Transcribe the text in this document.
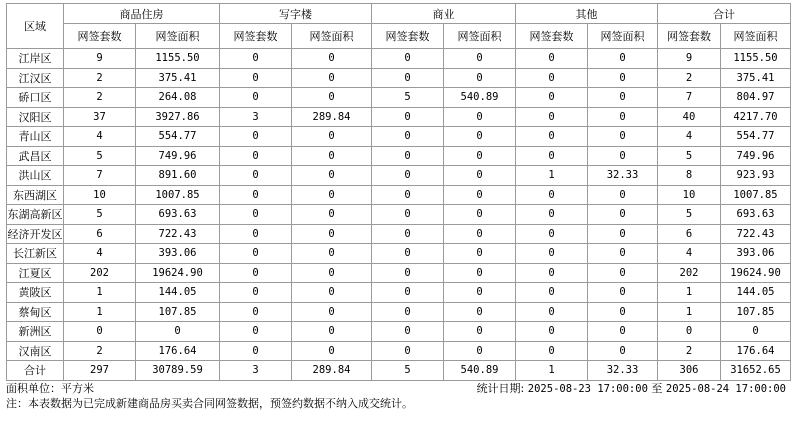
区域	商品住房		写字楼		商业		其他		合计	
	网签套数	网签面积	网签套数	网签面积	网签套数	网签面积	网签套数	网签面积	网签套数	网签面积
江岸区	9	1155.50	0	0	0	0	0	0	9	1155.50
江汉区	2	375.41	0	0	0	0	0	0	2	375.41
硚口区	2	264.08	0	0	5	540.89	0	0	7	804.97
汉阳区	37	3927.86	3	289.84	0	0	0	0	40	4217.70
青山区	4	554.77	0	0	0	0	0	0	4	554.77
武昌区	5	749.96	0	0	0	0	0	0	5	749.96
洪山区	7	891.60	0	0	0	0	1	32.33	8	923.93
东西湖区	10	1007.85	0	0	0	0	0	0	10	1007.85
东湖高新区	5	693.63	0	0	0	0	0	0	5	693.63
经济开发区	6	722.43	0	0	0	0	0	0	6	722.43
长江新区	4	393.06	0	0	0	0	0	0	4	393.06
江夏区	202	19624.90	0	0	0	0	0	0	202	19624.90
黄陂区	1	144.05	0	0	0	0	0	0	1	144.05
蔡甸区	1	107.85	0	0	0	0	0	0	1	107.85
新洲区	0	0	0	0	0	0	0	0	0	0
汉南区	2	176.64	0	0	0	0	0	0	2	176.64
合计	297	30789.59	3	289.84	5	540.89	1	32.33	306	31652.65
面积单位：平方米	统计日期: 2025-08-23 17:00:00 至 2025-08-24 17:00:00
注：本表数据为已完成新建商品房买卖合同网签数据，预签约数据不纳入成交统计。
